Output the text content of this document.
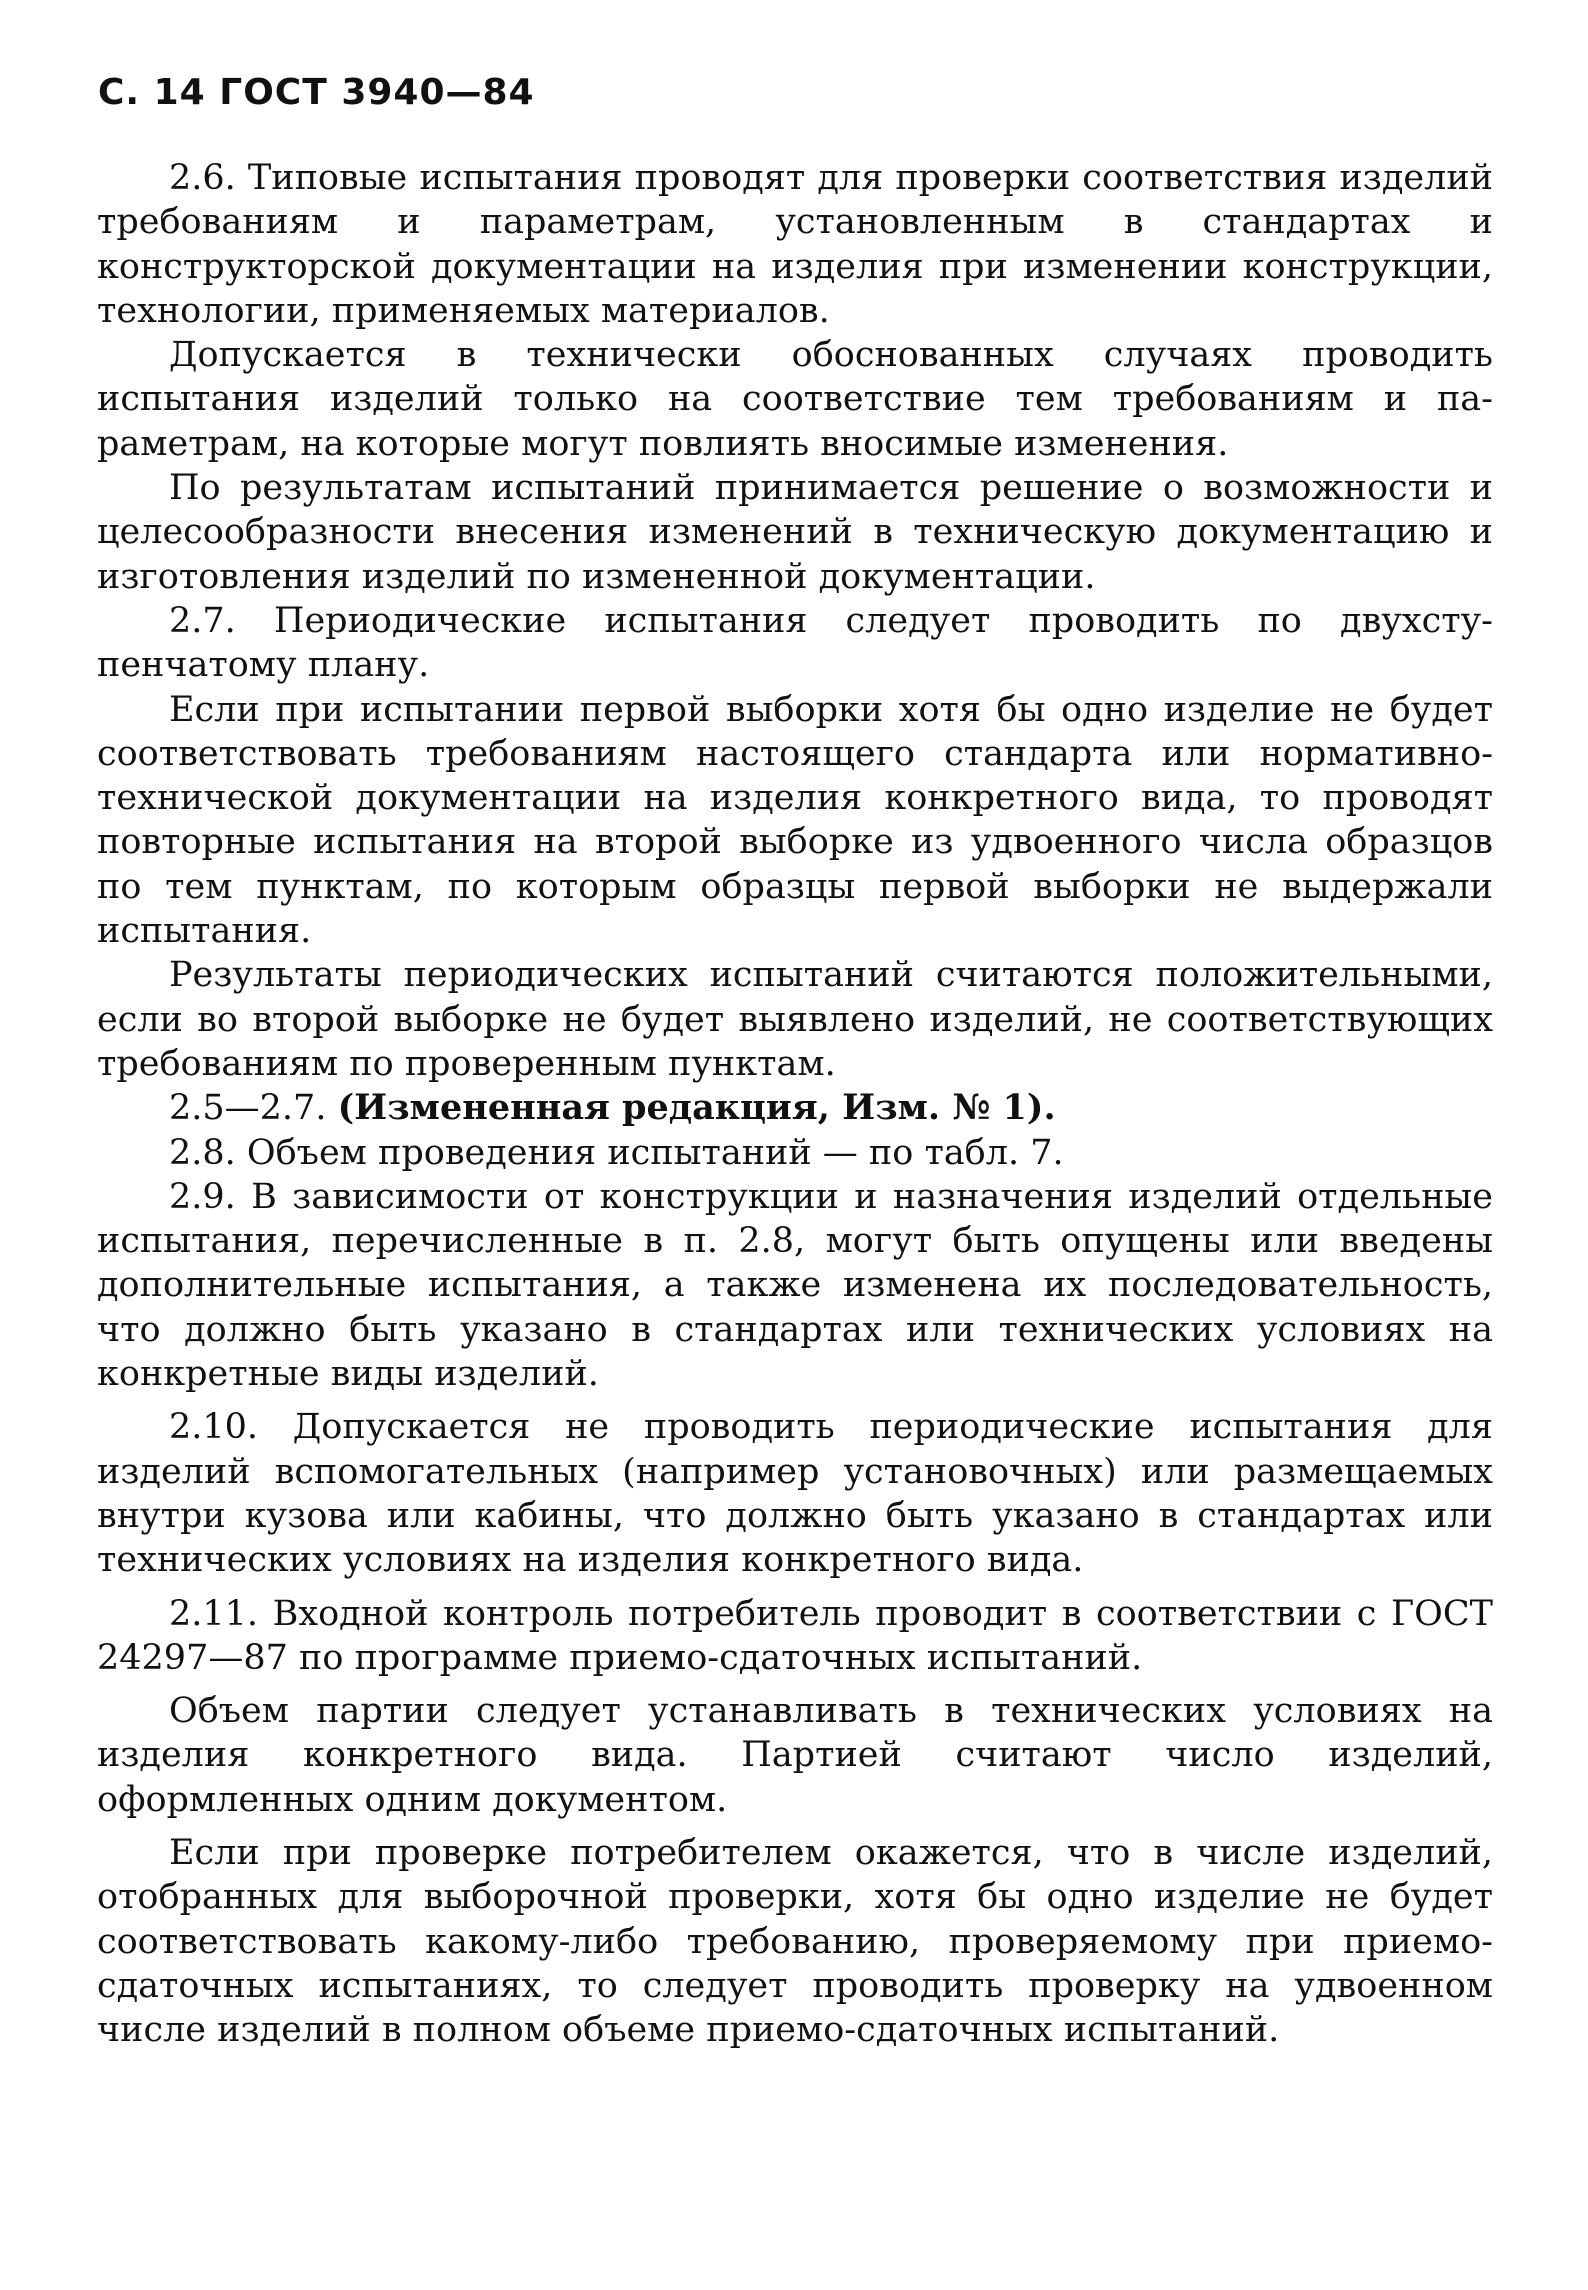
С. 14 ГОСТ 3940—84

2.6. Типовые испытания проводят для проверки соответствия изделий требованиям и параметрам, установленным в стандартах и конструкторской документации на изделия при изменении конструкции, технологии, применяемых материалов.

Допускается в технически обоснованных случаях проводить испытания изделий только на соответствие тем требованиям и параметрам, на которые могут повлиять вносимые изменения.

По результатам испытаний принимается решение о возможности и целесообразности внесения изменений в техническую документацию и изготовления изделий по измененной документации.

2.7. Периодические испытания следует проводить по двухступенчатому плану.

Если при испытании первой выборки хотя бы одно изделие не будет соответствовать требованиям настоящего стандарта или нормативно-технической документации на изделия конкретного вида, то проводят повторные испытания на второй выборке из удвоенного числа образцов по тем пунктам, по которым образцы первой выборки не выдержали испытания.

Результаты периодических испытаний считаются положительными, если во второй выборке не будет выявлено изделий, не соответствующих требованиям по проверенным пунктам.

2.5—2.7. (Измененная редакция, Изм. № 1).

2.8. Объем проведения испытаний — по табл. 7.

2.9. В зависимости от конструкции и назначения изделий отдельные испытания, перечисленные в п. 2.8, могут быть опущены или введены дополнительные испытания, а также изменена их последовательность, что должно быть указано в стандартах или технических условиях на конкретные виды изделий.

2.10. Допускается не проводить периодические испытания для изделий вспомогательных (например установочных) или размещаемых внутри кузова или кабины, что должно быть указано в стандартах или технических условиях на изделия конкретного вида.

2.11. Входной контроль потребитель проводит в соответствии с ГОСТ 24297—87 по программе приемо-сдаточных испытаний.

Объем партии следует устанавливать в технических условиях на изделия конкретного вида. Партией считают число изделий, оформленных одним документом.

Если при проверке потребителем окажется, что в числе изделий, отобранных для выборочной проверки, хотя бы одно изделие не будет соответствовать какому-либо требованию, проверяемому при приемо-сдаточных испытаниях, то следует проводить проверку на удвоенном числе изделий в полном объеме приемо-сдаточных испытаний.
